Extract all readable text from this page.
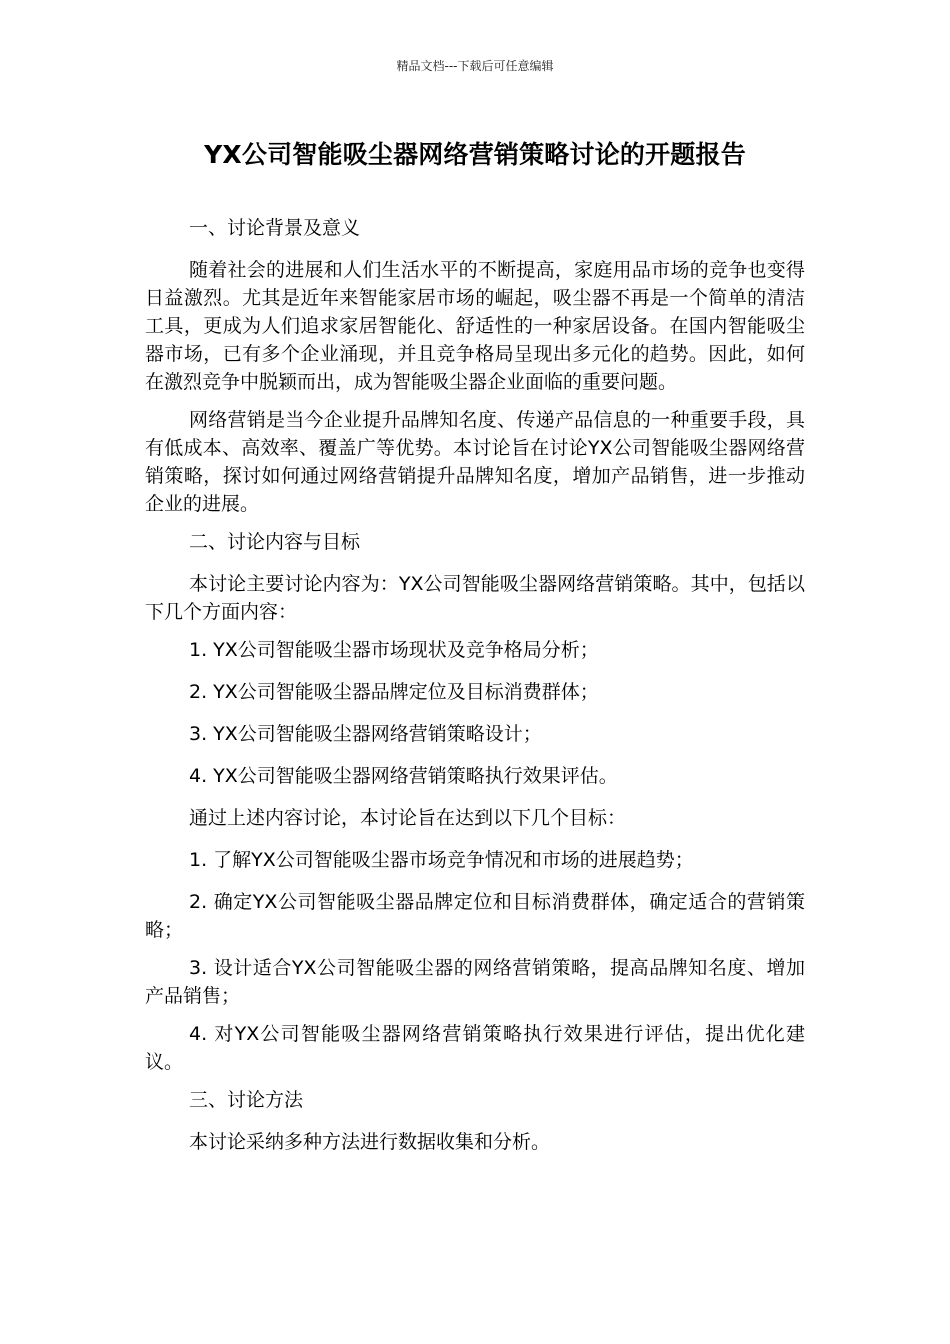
精品文档---下载后可任意编辑
YX公司智能吸尘器网络营销策略讨论的开题报告

一、讨论背景及意义

随着社会的进展和人们生活水平的不断提高，家庭用品市场的竞争也变得日益激烈。尤其是近年来智能家居市场的崛起，吸尘器不再是一个简单的清洁工具，更成为人们追求家居智能化、舒适性的一种家居设备。在国内智能吸尘器市场，已有多个企业涌现，并且竞争格局呈现出多元化的趋势。因此，如何在激烈竞争中脱颖而出，成为智能吸尘器企业面临的重要问题。

网络营销是当今企业提升品牌知名度、传递产品信息的一种重要手段，具有低成本、高效率、覆盖广等优势。本讨论旨在讨论YX公司智能吸尘器网络营销策略，探讨如何通过网络营销提升品牌知名度，增加产品销售，进一步推动企业的进展。

二、讨论内容与目标

本讨论主要讨论内容为：YX公司智能吸尘器网络营销策略。其中，包括以下几个方面内容：

1. YX公司智能吸尘器市场现状及竞争格局分析；

2. YX公司智能吸尘器品牌定位及目标消费群体；

3. YX公司智能吸尘器网络营销策略设计；

4. YX公司智能吸尘器网络营销策略执行效果评估。

通过上述内容讨论，本讨论旨在达到以下几个目标：

1. 了解YX公司智能吸尘器市场竞争情况和市场的进展趋势；

2. 确定YX公司智能吸尘器品牌定位和目标消费群体，确定适合的营销策略；

3. 设计适合YX公司智能吸尘器的网络营销策略，提高品牌知名度、增加产品销售；

4. 对YX公司智能吸尘器网络营销策略执行效果进行评估，提出优化建议。

三、讨论方法

本讨论采纳多种方法进行数据收集和分析。
